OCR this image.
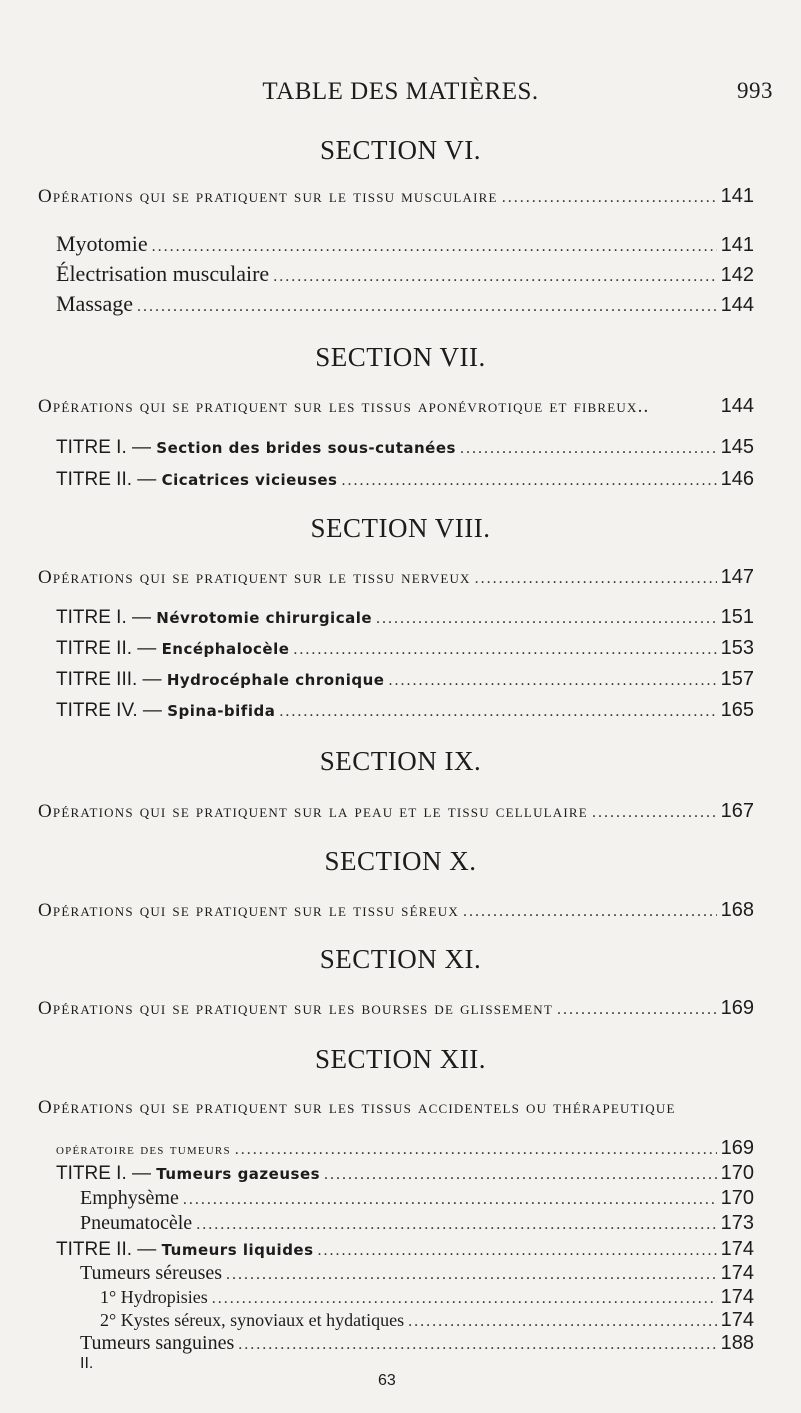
TABLE DES MATIÈRES.	993
SECTION VI.
Opérations qui se pratiquent sur le tissu musculaire .....	141
Myotomie .....	141
Électrisation musculaire .....	142
Massage .....	144
SECTION VII.
Opérations qui se pratiquent sur les tissus aponévrotique et fibreux..	144
TITRE I. — Section des brides sous-cutanées .....	145
TITRE II. — Cicatrices vicieuses .....	146
SECTION VIII.
Opérations qui se pratiquent sur le tissu nerveux .....	147
TITRE I. — Névrotomie chirurgicale .....	151
TITRE II. — Encéphalocèle .....	153
TITRE III. — Hydrocéphale chronique .....	157
TITRE IV. — Spina-bifida .....	165
SECTION IX.
Opérations qui se pratiquent sur la peau et le tissu cellulaire .....	167
SECTION X.
Opérations qui se pratiquent sur le tissu séreux .....	168
SECTION XI.
Opérations qui se pratiquent sur les bourses de glissement .....	169
SECTION XII.
Opérations qui se pratiquent sur les tissus accidentels ou thérapeutique
opératoire des tumeurs .....	169
TITRE I. — Tumeurs gazeuses .....	170
Emphysème .....	170
Pneumatocèle .....	173
TITRE II. — Tumeurs liquides .....	174
Tumeurs séreuses .....	174
1° Hydropisies .....	174
2° Kystes séreux, synoviaux et hydatiques .....	174
Tumeurs sanguines .....	188
II.
63
